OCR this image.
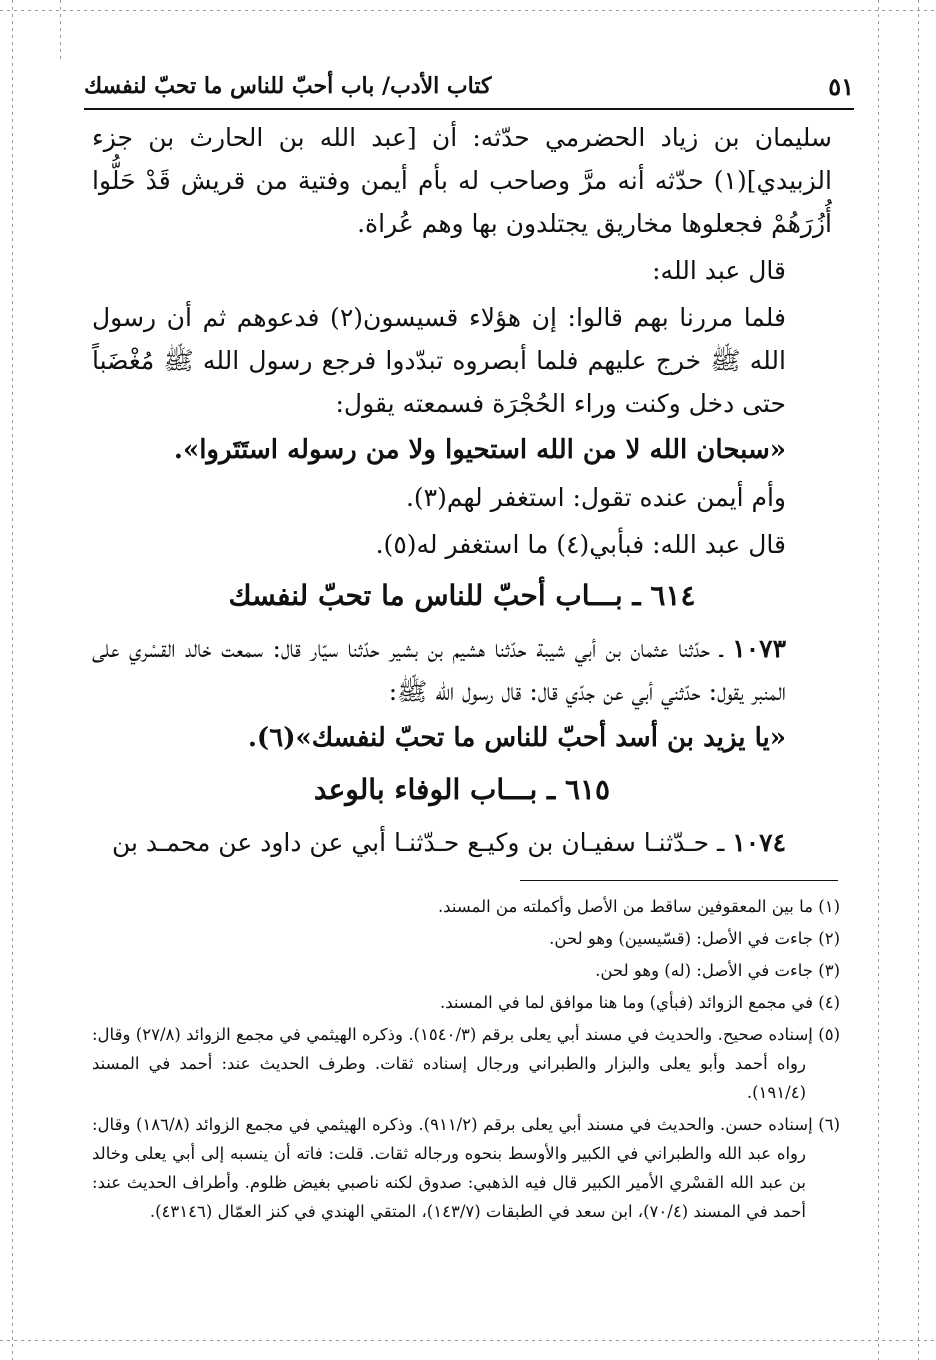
٥١
كتاب الأدب/ باب أحبّ للناس ما تحبّ لنفسك

سليمان بن زياد الحضرمي حدّثه: أن [عبد الله بن الحارث بن جزء الزبيدي](١) حدّثه أنه مرَّ وصاحب له بأم أيمن وفتية من قريش قَدْ حَلُّوا أُزُرَهُمْ فجعلوها مخاريق يجتلدون بها وهم عُراة.

قال عبد الله:

فلما مررنا بهم قالوا: إن هؤلاء قسيسون(٢) فدعوهم ثم أن رسول الله ﷺ خرج عليهم فلما أبصروه تبدّدوا فرجع رسول الله ﷺ مُغْضَباً حتى دخل وكنت وراء الحُجْرَة فسمعته يقول:

«سبحان الله لا من الله استحيوا ولا من رسوله استَتَروا».

وأم أيمن عنده تقول: استغفر لهم(٣).

قال عبد الله: فبأبي(٤) ما استغفر له(٥).

٦١٤ ـ بـــاب أحبّ للناس ما تحبّ لنفسك

١٠٧٣ ـ حدّثنا عثمان بن أبي شيبة حدّثنا هشيم بن بشير حدّثنا سيّار قال: سمعت خالد القسْري على المنبر يقول: حدّثني أبي عن جدّي قال: قال رسول الله ﷺ:

«يا يزيد بن أسد أحبّ للناس ما تحبّ لنفسك»(٦).

٦١٥ ـ بـــاب الوفاء بالوعد

١٠٧٤ ـ حـدّثنـا سفيـان بن وكيـع حـدّثنـا أبي عن داود عن محمـد بن

(١) ما بين المعقوفين ساقط من الأصل وأكملته من المسند.

(٢) جاءت في الأصل: (قسّيسين) وهو لحن.

(٣) جاءت في الأصل: (له) وهو لحن.

(٤) في مجمع الزوائد (فبأي) وما هنا موافق لما في المسند.

(٥) إسناده صحيح. والحديث في مسند أبي يعلى برقم (١٥٤٠/٣). وذكره الهيثمي في مجمع الزوائد (٢٧/٨) وقال: رواه أحمد وأبو يعلى والبزار والطبراني ورجال إسناده ثقات. وطرف الحديث عند: أحمد في المسند (١٩١/٤).

(٦) إسناده حسن. والحديث في مسند أبي يعلى برقم (٩١١/٢). وذكره الهيثمي في مجمع الزوائد (١٨٦/٨) وقال: رواه عبد الله والطبراني في الكبير والأوسط بنحوه ورجاله ثقات. قلت: فاته أن ينسبه إلى أبي يعلى وخالد بن عبد الله القسْري الأمير الكبير قال فيه الذهبي: صدوق لكنه ناصبي بغيض ظلوم. وأطراف الحديث عند: أحمد في المسند (٧٠/٤)، ابن سعد في الطبقات (١٤٣/٧)، المتقي الهندي في كنز العمّال (٤٣١٤٦).
